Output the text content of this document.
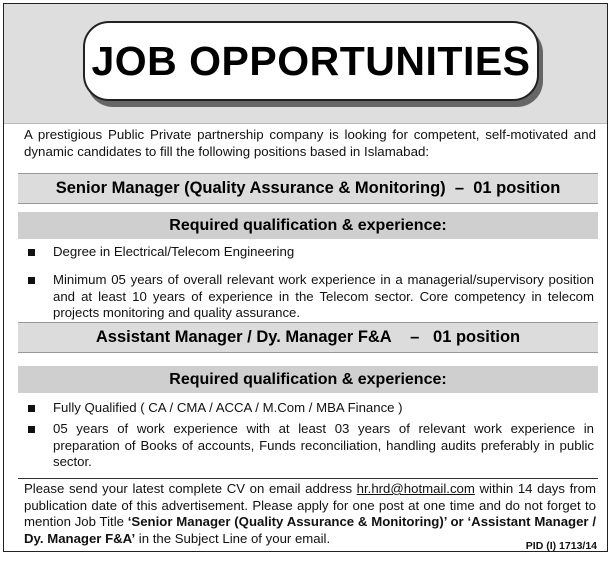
JOB OPPORTUNITIES
A prestigious Public Private partnership company is looking for competent, self-motivated and dynamic candidates to fill the following positions based in Islamabad:
Senior Manager (Quality Assurance & Monitoring)
–
01 position
Required qualification & experience:
Degree in Electrical/Telecom Engineering
Minimum 05 years of overall relevant work experience in a managerial/supervisory position and at least 10 years of experience in the Telecom sector. Core competency in telecom projects monitoring and quality assurance.
Assistant Manager / Dy. Manager F&A
–
01 position
Required qualification & experience:
Fully Qualified ( CA / CMA / ACCA / M.Com / MBA Finance )
05 years of work experience with at least 03 years of relevant work experience in preparation of Books of accounts, Funds reconciliation, handling audits preferably in public sector.
Please send your latest complete CV on email address hr.hrd@hotmail.com within 14 days from publication date of this advertisement. Please apply for one post at one time and do not forget to mention Job Title ‘Senior Manager (Quality Assurance & Monitoring)’ or ‘Assistant Manager / Dy. Manager F&A’ in the Subject Line of your email.
PID (I) 1713/14
